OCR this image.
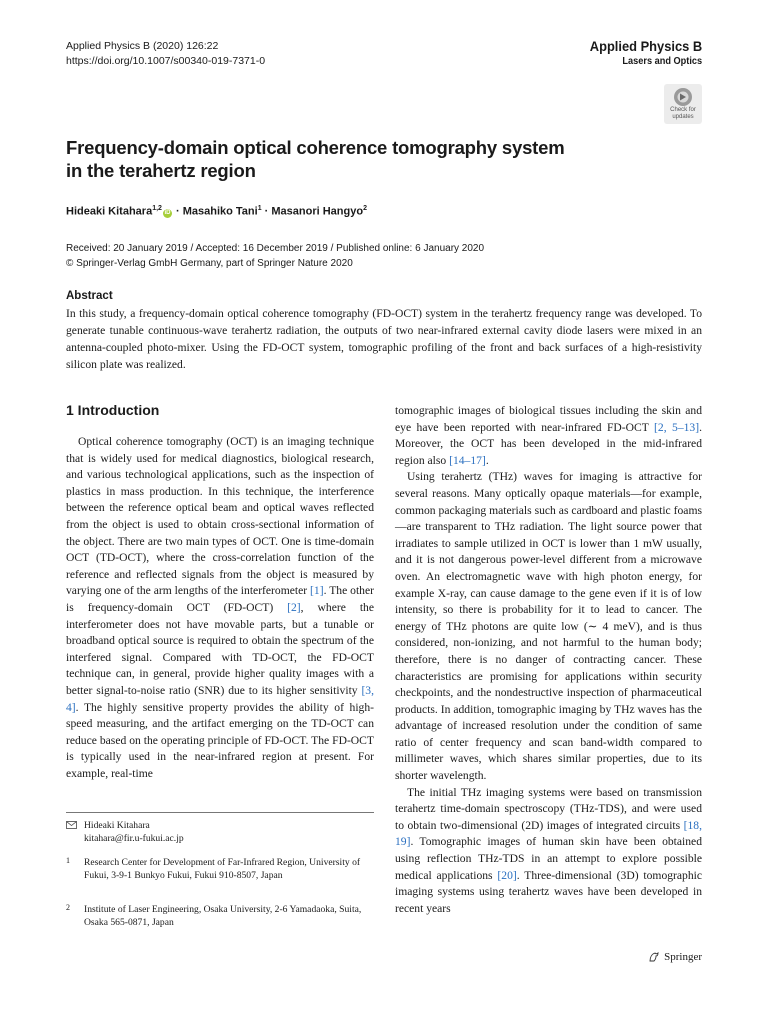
Applied Physics B (2020) 126:22
https://doi.org/10.1007/s00340-019-7371-0
Applied Physics B
Lasers and Optics
Check for
updates
Frequency-domain optical coherence tomography system
in the terahertz region
Hideaki Kitahara$^{1,2}$iD · Masahiko Tani$^1$ · Masanori Hangyo$^2$
Received: 20 January 2019 / Accepted: 16 December 2019 / Published online: 6 January 2020
© Springer-Verlag GmbH Germany, part of Springer Nature 2020
Abstract

In this study, a frequency-domain optical coherence tomography (FD-OCT) system in the terahertz frequency range was developed. To generate tunable continuous-wave terahertz radiation, the outputs of two near-infrared external cavity diode lasers were mixed in an antenna-coupled photo-mixer. Using the FD-OCT system, tomographic profiling of the front and back surfaces of a high-resistivity silicon plate was realized.

1 Introduction

Optical coherence tomography (OCT) is an imaging technique that is widely used for medical diagnostics, biological research, and various technological applications, such as the inspection of plastics in mass production. In this technique, the interference between the reference optical beam and optical waves reflected from the object is used to obtain cross-sectional information of the object. There are two main types of OCT. One is time-domain OCT (TD-OCT), where the cross-correlation function of the reference and reflected signals from the object is measured by varying one of the arm lengths of the interferometer [1]. The other is frequency-domain OCT (FD-OCT) [2], where the interferometer does not have movable parts, but a tunable or broadband optical source is required to obtain the spectrum of the interfered signal. Compared with TD-OCT, the FD-OCT technique can, in general, provide higher quality images with a better signal-to-noise ratio (SNR) due to its higher sensitivity [3, 4]. The highly sensitive property provides the ability of high-speed measuring, and the artifact emerging on the TD-OCT can reduce based on the operating principle of FD-OCT. The FD-OCT is typically used in the near-infrared region at present. For example, real-time

tomographic images of biological tissues including the skin and eye have been reported with near-infrared FD-OCT [2, 5–13]. Moreover, the OCT has been developed in the mid-infrared region also [14–17].

Using terahertz (THz) waves for imaging is attractive for several reasons. Many optically opaque materials—for example, common packaging materials such as cardboard and plastic foams—are transparent to THz radiation. The light source power that irradiates to sample utilized in OCT is lower than 1 mW usually, and it is not dangerous power-level different from a microwave oven. An electromagnetic wave with high photon energy, for example X-ray, can cause damage to the gene even if it is of low intensity, so there is probability for it to lead to cancer. The energy of THz photons are quite low (∼ 4 meV), and is thus considered, non-ionizing, and not harmful to the human body; therefore, there is no danger of contracting cancer. These characteristics are promising for applications within security checkpoints, and the nondestructive inspection of pharmaceutical products. In addition, tomographic imaging by THz waves has the advantage of increased resolution under the condition of same ratio of center frequency and scan band-width compared to millimeter waves, which shares similar properties, due to its shorter wavelength.

The initial THz imaging systems were based on transmission terahertz time-domain spectroscopy (THz-TDS), and were used to obtain two-dimensional (2D) images of integrated circuits [18, 19]. Tomographic images of human skin have been obtained using reflection THz-TDS in an attempt to explore possible medical applications [20]. Three-dimensional (3D) tomographic imaging systems using terahertz waves have been developed in recent years

Hideaki Kitahara
kitahara@fir.u-fukui.ac.jp
1 Research Center for Development of Far-Infrared Region, University of Fukui, 3-9-1 Bunkyo Fukui, Fukui 910-8507, Japan
2 Institute of Laser Engineering, Osaka University, 2-6 Yamadaoka, Suita, Osaka 565-0871, Japan
Springer
